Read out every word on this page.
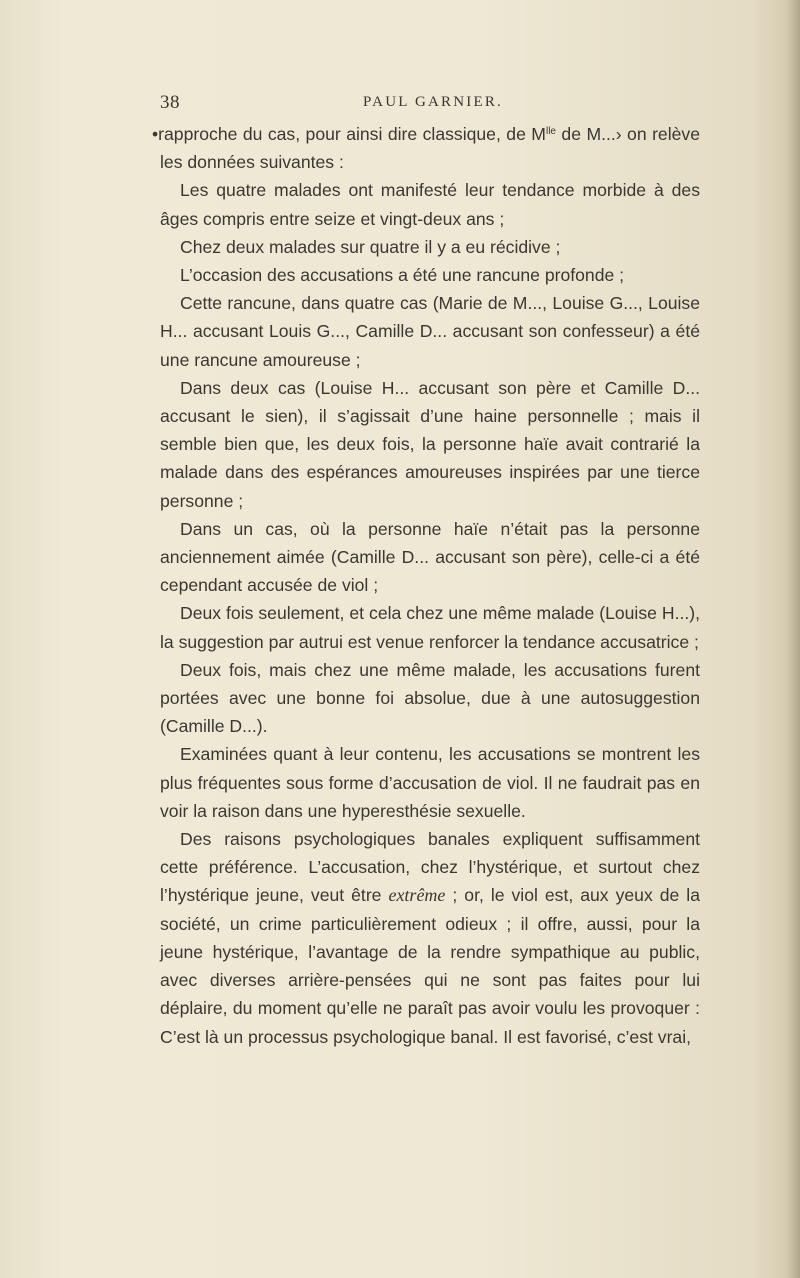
38	PAUL GARNIER.

•rapproche du cas, pour ainsi dire classique, de $M^{lle}$ de M...› on relève les données suivantes :

Les quatre malades ont manifesté leur tendance morbide à des âges compris entre seize et vingt-deux ans ;

Chez deux malades sur quatre il y a eu récidive ;

L’occasion des accusations a été une rancune profonde ;

Cette rancune, dans quatre cas (Marie de M..., Louise G..., Louise H... accusant Louis G..., Camille D... accusant son confesseur) a été une rancune amoureuse ;

Dans deux cas (Louise H... accusant son père et Camille D... accusant le sien), il s’agissait d’une haine personnelle ; mais il semble bien que, les deux fois, la personne haïe avait contrarié la malade dans des espérances amoureuses inspirées par une tierce personne ;

Dans un cas, où la personne haïe n’était pas la personne anciennement aimée (Camille D... accusant son père), celle-ci a été cependant accusée de viol ;

Deux fois seulement, et cela chez une même malade (Louise H...), la suggestion par autrui est venue renforcer la tendance accusatrice ;

Deux fois, mais chez une même malade, les accusations furent portées avec une bonne foi absolue, due à une autosuggestion (Camille D...).

Examinées quant à leur contenu, les accusations se montrent les plus fréquentes sous forme d’accusation de viol. Il ne faudrait pas en voir la raison dans une hyperesthésie sexuelle.

Des raisons psychologiques banales expliquent suffisamment cette préférence. L’accusation, chez l’hystérique, et surtout chez l’hystérique jeune, veut être extrême ; or, le viol est, aux yeux de la société, un crime particulièrement odieux ; il offre, aussi, pour la jeune hystérique, l’avantage de la rendre sympathique au public, avec diverses arrière-pensées qui ne sont pas faites pour lui déplaire, du moment qu’elle ne paraît pas avoir voulu les provoquer : C’est là un processus psychologique banal. Il est favorisé, c’est vrai,
